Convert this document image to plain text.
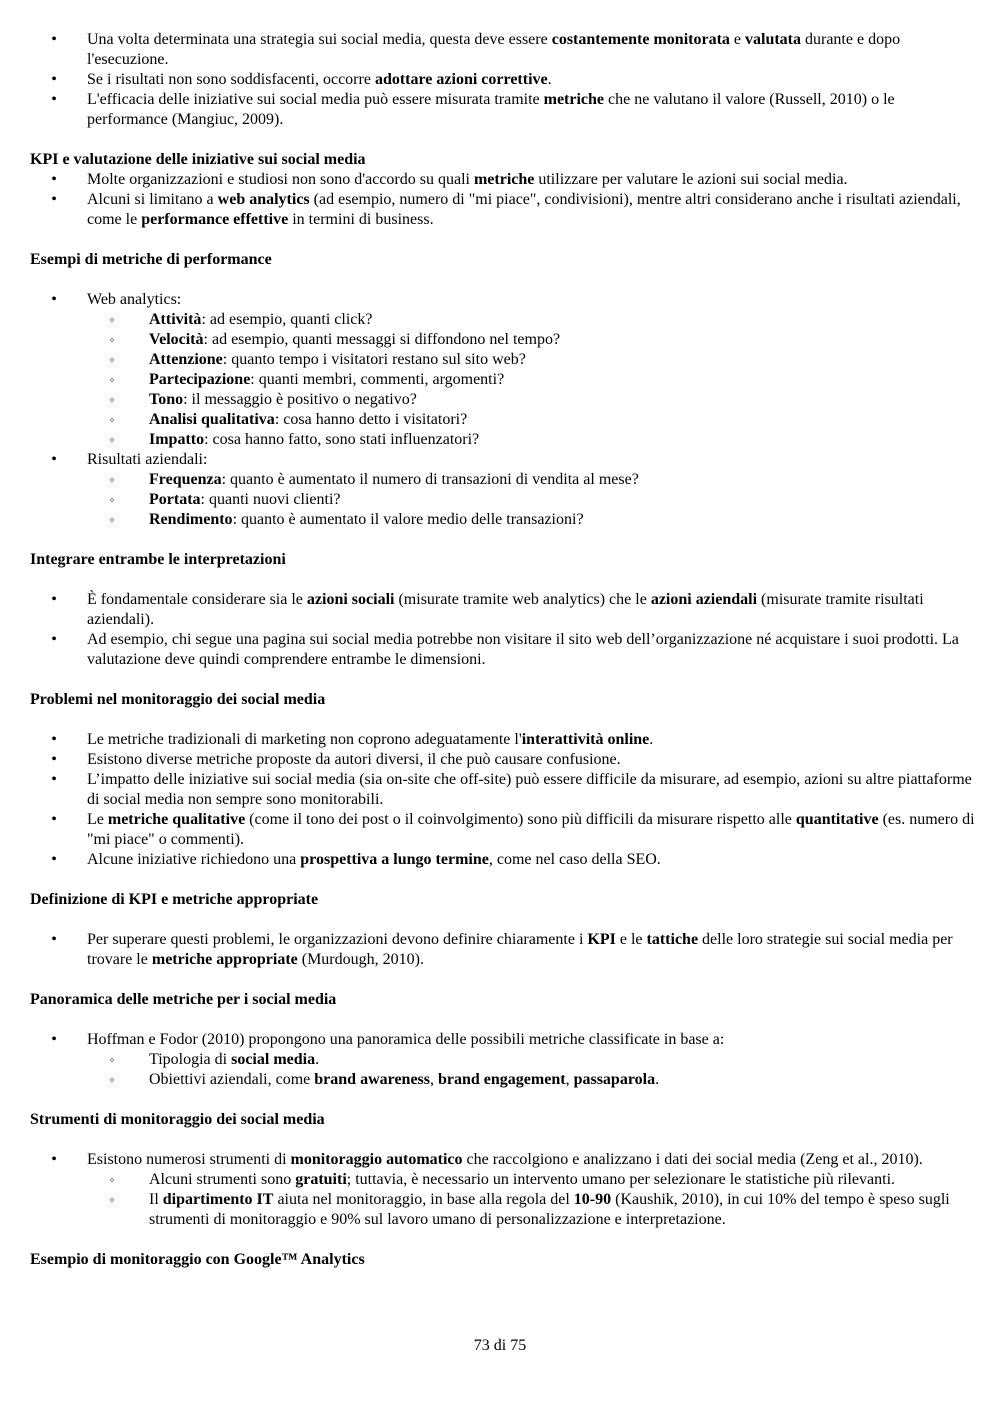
• Una volta determinata una strategia sui social media, questa deve essere costantemente monitorata e valutata durante e dopo l'esecuzione.
• Se i risultati non sono soddisfacenti, occorre adottare azioni correttive.
• L'efficacia delle iniziative sui social media può essere misurata tramite metriche che ne valutano il valore (Russell, 2010) o le performance (Mangiuc, 2009).
KPI e valutazione delle iniziative sui social media
• Molte organizzazioni e studiosi non sono d'accordo su quali metriche utilizzare per valutare le azioni sui social media.
• Alcuni si limitano a web analytics (ad esempio, numero di "mi piace", condivisioni), mentre altri considerano anche i risultati aziendali, come le performance effettive in termini di business.
Esempi di metriche di performance
• Web analytics:
◦ Attività: ad esempio, quanti click?
◦ Velocità: ad esempio, quanti messaggi si diffondono nel tempo?
◦ Attenzione: quanto tempo i visitatori restano sul sito web?
◦ Partecipazione: quanti membri, commenti, argomenti?
◦ Tono: il messaggio è positivo o negativo?
◦ Analisi qualitativa: cosa hanno detto i visitatori?
◦ Impatto: cosa hanno fatto, sono stati influenzatori?
• Risultati aziendali:
◦ Frequenza: quanto è aumentato il numero di transazioni di vendita al mese?
◦ Portata: quanti nuovi clienti?
◦ Rendimento: quanto è aumentato il valore medio delle transazioni?
Integrare entrambe le interpretazioni
• È fondamentale considerare sia le azioni sociali (misurate tramite web analytics) che le azioni aziendali (misurate tramite risultati aziendali).
• Ad esempio, chi segue una pagina sui social media potrebbe non visitare il sito web dell’organizzazione né acquistare i suoi prodotti. La valutazione deve quindi comprendere entrambe le dimensioni.
Problemi nel monitoraggio dei social media
• Le metriche tradizionali di marketing non coprono adeguatamente l'interattività online.
• Esistono diverse metriche proposte da autori diversi, il che può causare confusione.
• L’impatto delle iniziative sui social media (sia on-site che off-site) può essere difficile da misurare, ad esempio, azioni su altre piattaforme di social media non sempre sono monitorabili.
• Le metriche qualitative (come il tono dei post o il coinvolgimento) sono più difficili da misurare rispetto alle quantitative (es. numero di "mi piace" o commenti).
• Alcune iniziative richiedono una prospettiva a lungo termine, come nel caso della SEO.
Definizione di KPI e metriche appropriate
• Per superare questi problemi, le organizzazioni devono definire chiaramente i KPI e le tattiche delle loro strategie sui social media per trovare le metriche appropriate (Murdough, 2010).
Panoramica delle metriche per i social media
• Hoffman e Fodor (2010) propongono una panoramica delle possibili metriche classificate in base a:
◦ Tipologia di social media.
◦ Obiettivi aziendali, come brand awareness, brand engagement, passaparola.
Strumenti di monitoraggio dei social media
• Esistono numerosi strumenti di monitoraggio automatico che raccolgiono e analizzano i dati dei social media (Zeng et al., 2010).
◦ Alcuni strumenti sono gratuiti; tuttavia, è necessario un intervento umano per selezionare le statistiche più rilevanti.
◦ Il dipartimento IT aiuta nel monitoraggio, in base alla regola del 10-90 (Kaushik, 2010), in cui 10% del tempo è speso sugli strumenti di monitoraggio e 90% sul lavoro umano di personalizzazione e interpretazione.
Esempio di monitoraggio con Google™ Analytics
73 di 75
